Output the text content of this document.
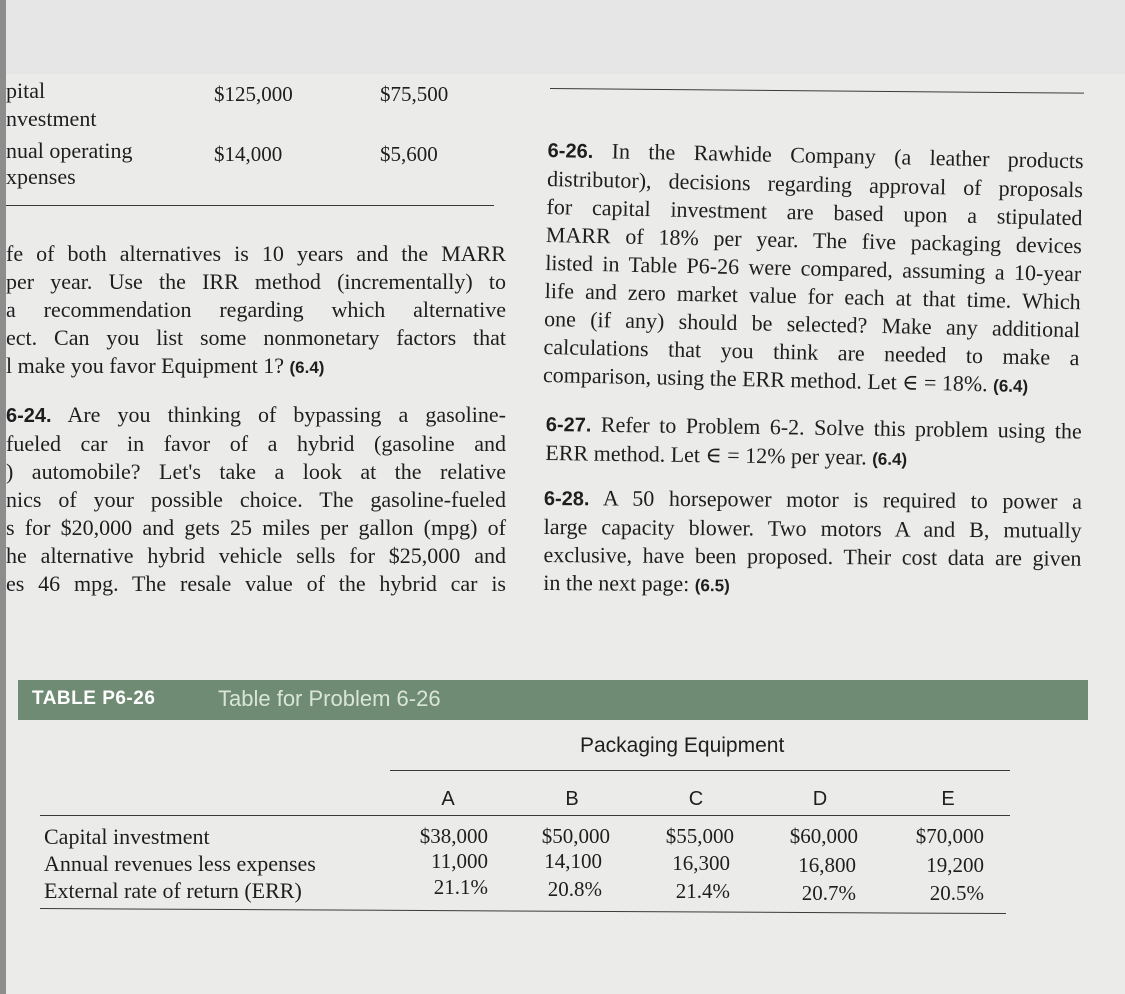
pital	$125,000	$75,500
nvestment
nual operating	$14,000	$5,600
xpenses
fe of both alternatives is 10 years and the MARR
per year. Use the IRR method (incrementally) to
a recommendation regarding which alternative
ect. Can you list some nonmonetary factors that
l make you favor Equipment 1? (6.4)
6-24. Are you thinking of bypassing a gasoline-
fueled car in favor of a hybrid (gasoline and
) automobile? Let's take a look at the relative
nics of your possible choice. The gasoline-fueled
s for $20,000 and gets 25 miles per gallon (mpg) of
he alternative hybrid vehicle sells for $25,000 and
es 46 mpg. The resale value of the hybrid car is
6-26. In the Rawhide Company (a leather products
distributor), decisions regarding approval of proposals
for capital investment are based upon a stipulated
MARR of 18% per year. The five packaging devices
listed in Table P6-26 were compared, assuming a 10-year
life and zero market value for each at that time. Which
one (if any) should be selected? Make any additional
calculations that you think are needed to make a
comparison, using the ERR method. Let ∈ = 18%. (6.4)
6-27. Refer to Problem 6-2. Solve this problem using the
ERR method. Let ∈ = 12% per year. (6.4)
6-28. A 50 horsepower motor is required to power a
large capacity blower. Two motors A and B, mutually
exclusive, have been proposed. Their cost data are given
in the next page: (6.5)
TABLE P6-26	Table for Problem 6-26
Packaging Equipment
A	B	C	D	E
Capital investment	$38,000	$50,000	$55,000	$60,000	$70,000
Annual revenues less expenses	11,000	14,100	16,300	16,800	19,200
External rate of return (ERR)	21.1%	20.8%	21.4%	20.7%	20.5%
